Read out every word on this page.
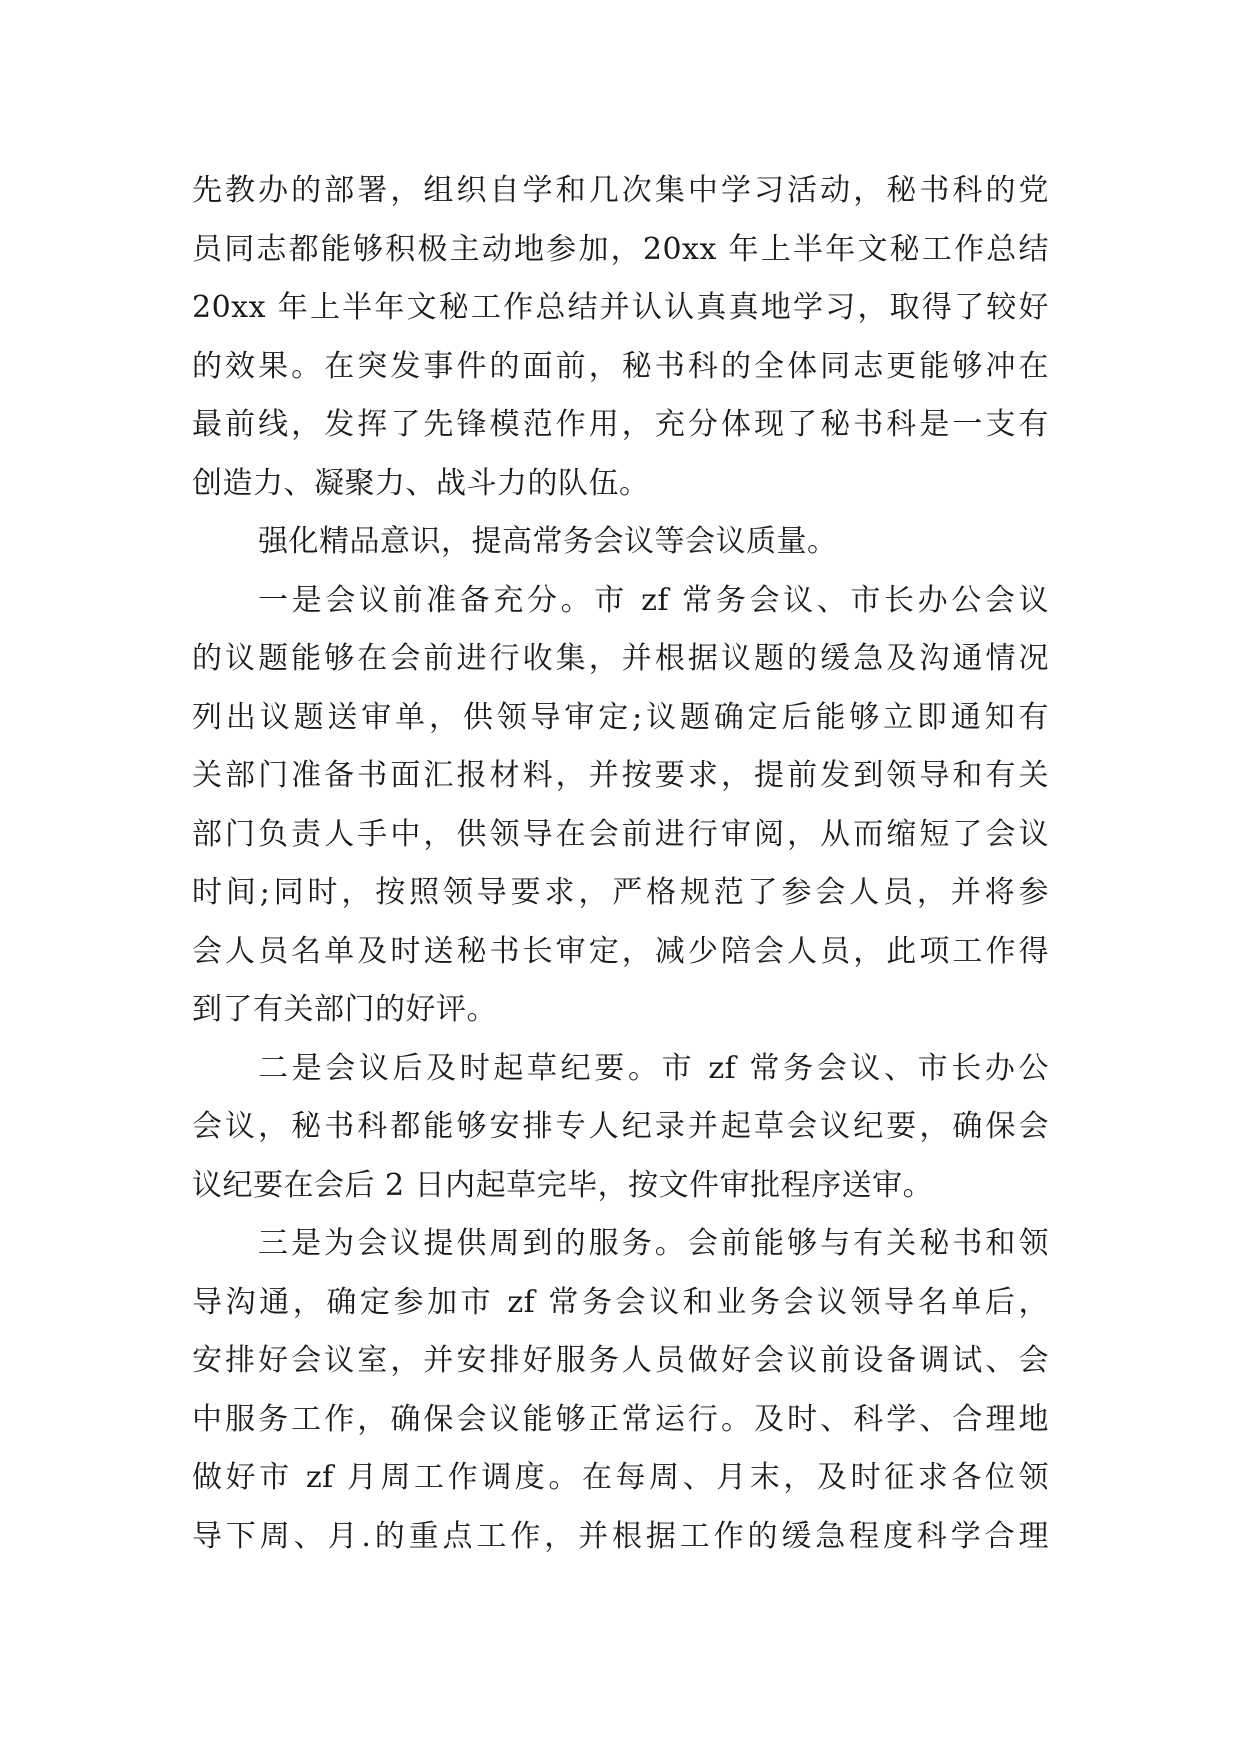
先教办的部署，组织自学和几次集中学习活动，秘书科的党
员同志都能够积极主动地参加，20xx 年上半年文秘工作总结
20xx 年上半年文秘工作总结并认认真真地学习，取得了较好
的效果。在突发事件的面前，秘书科的全体同志更能够冲在
最前线，发挥了先锋模范作用，充分体现了秘书科是一支有
创造力、凝聚力、战斗力的队伍。
强化精品意识，提高常务会议等会议质量。
一是会议前准备充分。市 zf 常务会议、市长办公会议
的议题能够在会前进行收集，并根据议题的缓急及沟通情况
列出议题送审单，供领导审定;议题确定后能够立即通知有
关部门准备书面汇报材料，并按要求，提前发到领导和有关
部门负责人手中，供领导在会前进行审阅，从而缩短了会议
时间;同时，按照领导要求，严格规范了参会人员，并将参
会人员名单及时送秘书长审定，减少陪会人员，此项工作得
到了有关部门的好评。
二是会议后及时起草纪要。市 zf 常务会议、市长办公
会议，秘书科都能够安排专人纪录并起草会议纪要，确保会
议纪要在会后 2 日内起草完毕，按文件审批程序送审。
三是为会议提供周到的服务。会前能够与有关秘书和领
导沟通，确定参加市 zf 常务会议和业务会议领导名单后，
安排好会议室，并安排好服务人员做好会议前设备调试、会
中服务工作，确保会议能够正常运行。及时、科学、合理地
做好市 zf 月周工作调度。在每周、月末，及时征求各位领
导下周、月.的重点工作，并根据工作的缓急程度科学合理
